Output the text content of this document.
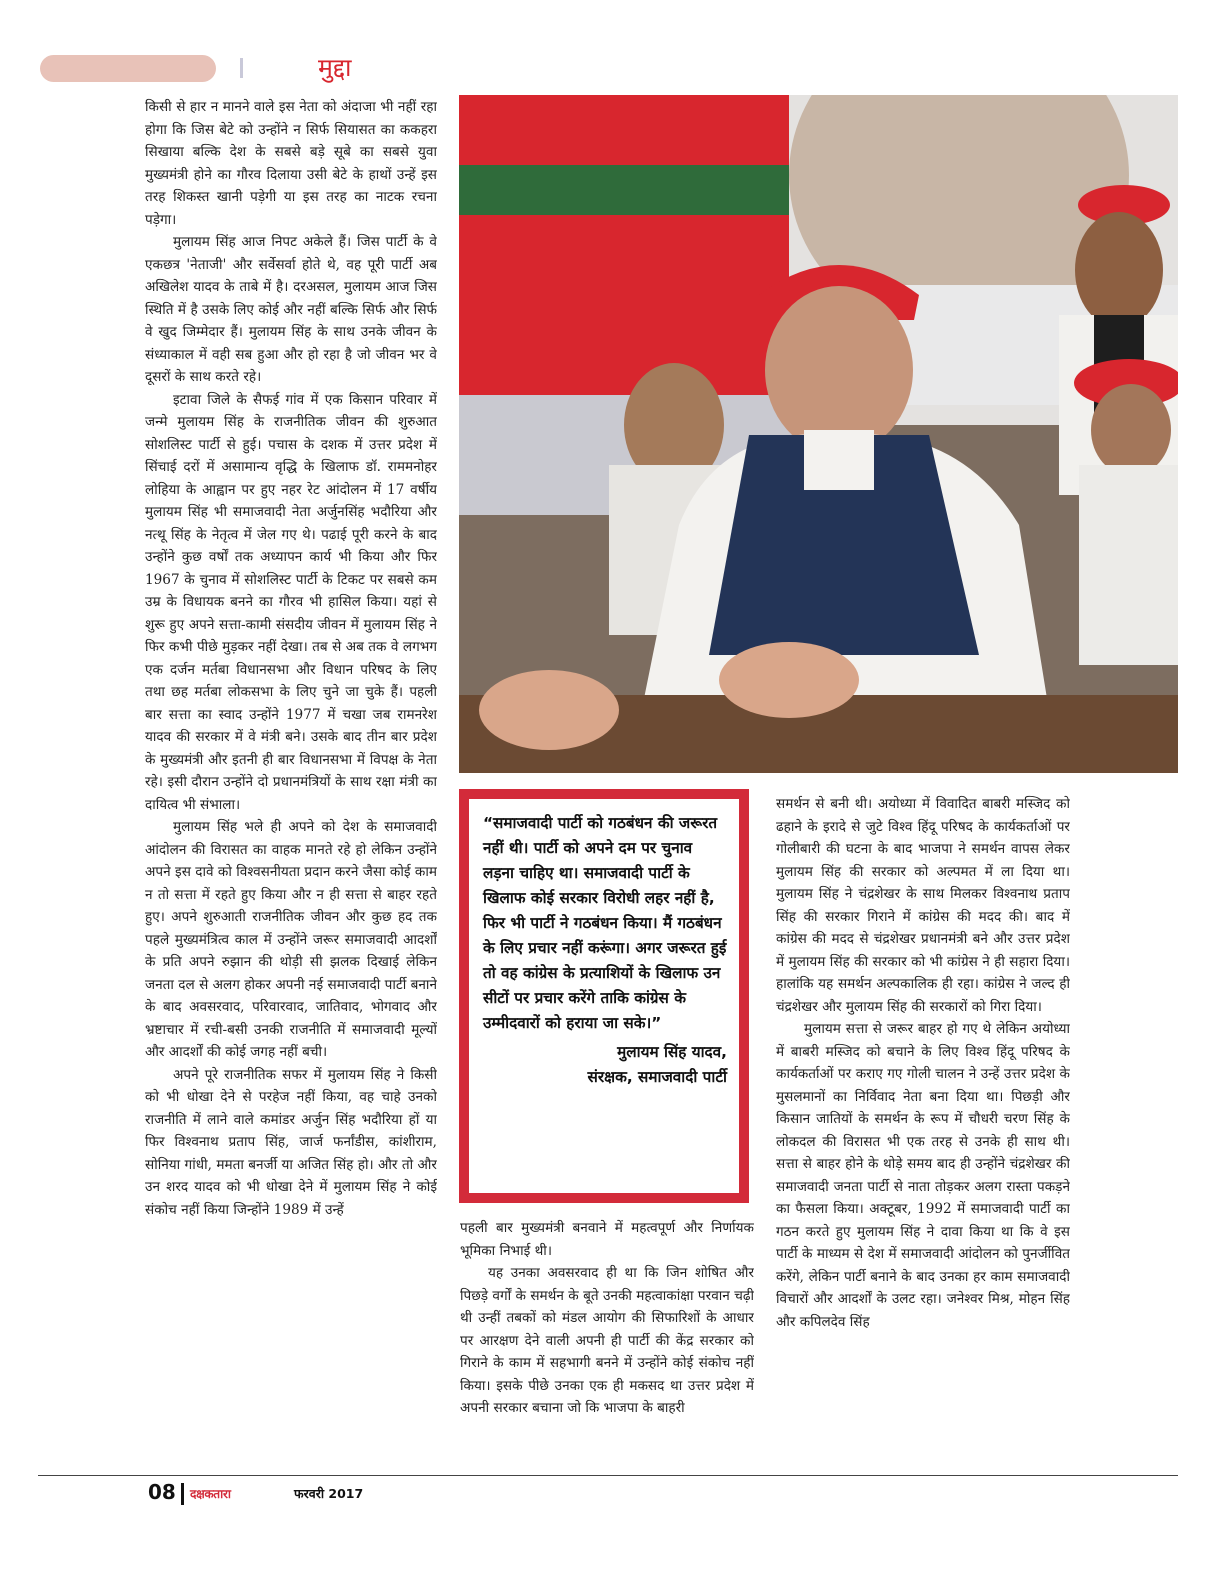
मुद्दा

किसी से हार न मानने वाले इस नेता को अंदाजा भी नहीं रहा होगा कि जिस बेटे को उन्होंने न सिर्फ सियासत का ककहरा सिखाया बल्कि देश के सबसे बड़े सूबे का सबसे युवा मुख्यमंत्री होने का गौरव दिलाया उसी बेटे के हाथों उन्हें इस तरह शिकस्त खानी पड़ेगी या इस तरह का नाटक रचना पड़ेगा।

मुलायम सिंह आज निपट अकेले हैं। जिस पार्टी के वे एकछत्र 'नेताजी' और सर्वेसर्वा होते थे, वह पूरी पार्टी अब अखिलेश यादव के ताबे में है। दरअसल, मुलायम आज जिस स्थिति में है उसके लिए कोई और नहीं बल्कि सिर्फ और सिर्फ वे खुद जिम्मेदार हैं। मुलायम सिंह के साथ उनके जीवन के संध्याकाल में वही सब हुआ और हो रहा है जो जीवन भर वे दूसरों के साथ करते रहे।

इटावा जिले के सैफई गांव में एक किसान परिवार में जन्मे मुलायम सिंह के राजनीतिक जीवन की शुरुआत सोशलिस्ट पार्टी से हुई। पचास के दशक में उत्तर प्रदेश में सिंचाई दरों में असामान्य वृद्धि के खिलाफ डॉ. राममनोहर लोहिया के आह्वान पर हुए नहर रेट आंदोलन में 17 वर्षीय मुलायम सिंह भी समाजवादी नेता अर्जुनसिंह भदौरिया और नत्थू सिंह के नेतृत्व में जेल गए थे। पढाई पूरी करने के बाद उन्होंने कुछ वर्षों तक अध्यापन कार्य भी किया और फिर 1967 के चुनाव में सोशलिस्ट पार्टी के टिकट पर सबसे कम उम्र के विधायक बनने का गौरव भी हासिल किया। यहां से शुरू हुए अपने सत्ता-कामी संसदीय जीवन में मुलायम सिंह ने फिर कभी पीछे मुड़कर नहीं देखा। तब से अब तक वे लगभग एक दर्जन मर्तबा विधानसभा और विधान परिषद के लिए तथा छह मर्तबा लोकसभा के लिए चुने जा चुके हैं। पहली बार सत्ता का स्वाद उन्होंने 1977 में चखा जब रामनरेश यादव की सरकार में वे मंत्री बने। उसके बाद तीन बार प्रदेश के मुख्यमंत्री और इतनी ही बार विधानसभा में विपक्ष के नेता रहे। इसी दौरान उन्होंने दो प्रधानमंत्रियों के साथ रक्षा मंत्री का दायित्व भी संभाला।

मुलायम सिंह भले ही अपने को देश के समाजवादी आंदोलन की विरासत का वाहक मानते रहे हो लेकिन उन्होंने अपने इस दावे को विश्वसनीयता प्रदान करने जैसा कोई काम न तो सत्ता में रहते हुए किया और न ही सत्ता से बाहर रहते हुए। अपने शुरुआती राजनीतिक जीवन और कुछ हद तक पहले मुख्यमंत्रित्व काल में उन्होंने जरूर समाजवादी आदर्शों के प्रति अपने रुझान की थोड़ी सी झलक दिखाई लेकिन जनता दल से अलग होकर अपनी नई समाजवादी पार्टी बनाने के बाद अवसरवाद, परिवारवाद, जातिवाद, भोगवाद और भ्रष्टाचार में रची-बसी उनकी राजनीति में समाजवादी मूल्यों और आदर्शों की कोई जगह नहीं बची।

अपने पूरे राजनीतिक सफर में मुलायम सिंह ने किसी को भी धोखा देने से परहेज नहीं किया, वह चाहे उनको राजनीति में लाने वाले कमांडर अर्जुन सिंह भदौरिया हों या फिर विश्वनाथ प्रताप सिंह, जार्ज फर्नांडीस, कांशीराम, सोनिया गांधी, ममता बनर्जी या अजित सिंह हो। और तो और उन शरद यादव को भी धोखा देने में मुलायम सिंह ने कोई संकोच नहीं किया जिन्होंने 1989 में उन्हें

“समाजवादी पार्टी को गठबंधन की जरूरत नहीं थी। पार्टी को अपने दम पर चुनाव लड़ना चाहिए था। समाजवादी पार्टी के खिलाफ कोई सरकार विरोधी लहर नहीं है, फिर भी पार्टी ने गठबंधन किया। मैं गठबंधन के लिए प्रचार नहीं करूंगा। अगर जरूरत हुई तो वह कांग्रेस के प्रत्याशियों के खिलाफ उन सीटों पर प्रचार करेंगे ताकि कांग्रेस के उम्मीदवारों को हराया जा सके।”

मुलायम सिंह यादव,

संरक्षक, समाजवादी पार्टी

पहली बार मुख्यमंत्री बनवाने में महत्वपूर्ण और निर्णायक भूमिका निभाई थी।

यह उनका अवसरवाद ही था कि जिन शोषित और पिछड़े वर्गों के समर्थन के बूते उनकी महत्वाकांक्षा परवान चढ़ी थी उन्हीं तबकों को मंडल आयोग की सिफारिशों के आधार पर आरक्षण देने वाली अपनी ही पार्टी की केंद्र सरकार को गिराने के काम में सहभागी बनने में उन्होंने कोई संकोच नहीं किया। इसके पीछे उनका एक ही मकसद था उत्तर प्रदेश में अपनी सरकार बचाना जो कि भाजपा के बाहरी

समर्थन से बनी थी। अयोध्या में विवादित बाबरी मस्जिद को ढहाने के इरादे से जुटे विश्व हिंदू परिषद के कार्यकर्ताओं पर गोलीबारी की घटना के बाद भाजपा ने समर्थन वापस लेकर मुलायम सिंह की सरकार को अल्पमत में ला दिया था। मुलायम सिंह ने चंद्रशेखर के साथ मिलकर विश्वनाथ प्रताप सिंह की सरकार गिराने में कांग्रेस की मदद की। बाद में कांग्रेस की मदद से चंद्रशेखर प्रधानमंत्री बने और उत्तर प्रदेश में मुलायम सिंह की सरकार को भी कांग्रेस ने ही सहारा दिया। हालांकि यह समर्थन अल्पकालिक ही रहा। कांग्रेस ने जल्द ही चंद्रशेखर और मुलायम सिंह की सरकारों को गिरा दिया।

मुलायम सत्ता से जरूर बाहर हो गए थे लेकिन अयोध्या में बाबरी मस्जिद को बचाने के लिए विश्व हिंदू परिषद के कार्यकर्ताओं पर कराए गए गोली चालन ने उन्हें उत्तर प्रदेश के मुसलमानों का निर्विवाद नेता बना दिया था। पिछड़ी और किसान जातियों के समर्थन के रूप में चौधरी चरण सिंह के लोकदल की विरासत भी एक तरह से उनके ही साथ थी। सत्ता से बाहर होने के थोड़े समय बाद ही उन्होंने चंद्रशेखर की समाजवादी जनता पार्टी से नाता तोड़कर अलग रास्ता पकड़ने का फैसला किया। अक्टूबर, 1992 में समाजवादी पार्टी का गठन करते हुए मुलायम सिंह ने दावा किया था कि वे इस पार्टी के माध्यम से देश में समाजवादी आंदोलन को पुनर्जीवित करेंगे, लेकिन पार्टी बनाने के बाद उनका हर काम समाजवादी विचारों और आदर्शों के उलट रहा। जनेश्वर मिश्र, मोहन सिंह और कपिलदेव सिंह

08 दक्षकतारा	फरवरी 2017
